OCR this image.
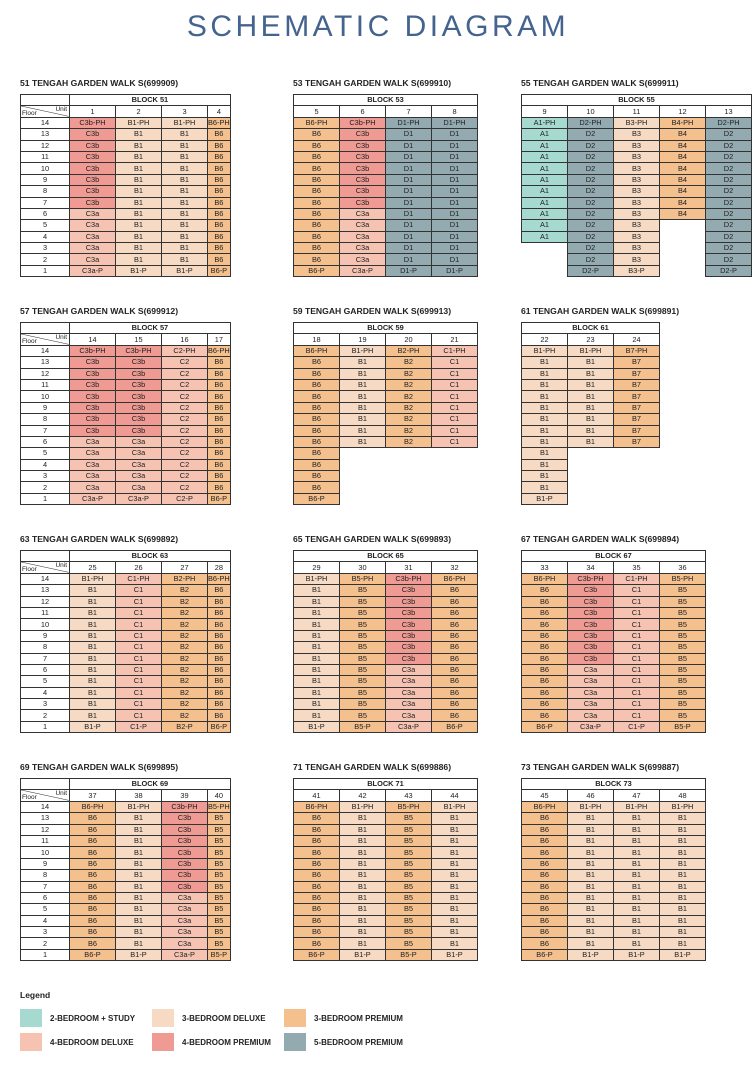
SCHEMATIC DIAGRAM
51 TENGAH GARDEN WALK S(699909)
	BLOCK 51			

Unit
Floor	1	2	3	4
14	C3b-PH	B1-PH	B1-PH	B6-PH
13	C3b	B1	B1	B6
12	C3b	B1	B1	B6
11	C3b	B1	B1	B6
10	C3b	B1	B1	B6
9	C3b	B1	B1	B6
8	C3b	B1	B1	B6
7	C3b	B1	B1	B6
6	C3a	B1	B1	B6
5	C3a	B1	B1	B6
4	C3a	B1	B1	B6
3	C3a	B1	B1	B6
2	C3a	B1	B1	B6
1	C3a-P	B1-P	B1-P	B6-P
53 TENGAH GARDEN WALK S(699910)
BLOCK 53			
5	6	7	8
B6-PH	C3b-PH	D1-PH	D1-PH
B6	C3b	D1	D1
B6	C3b	D1	D1
B6	C3b	D1	D1
B6	C3b	D1	D1
B6	C3b	D1	D1
B6	C3b	D1	D1
B6	C3b	D1	D1
B6	C3a	D1	D1
B6	C3a	D1	D1
B6	C3a	D1	D1
B6	C3a	D1	D1
B6	C3a	D1	D1
B6-P	C3a-P	D1-P	D1-P
55 TENGAH GARDEN WALK S(699911)
BLOCK 55				
9	10	11	12	13
A1-PH	D2-PH	B3-PH	B4-PH	D2-PH
A1	D2	B3	B4	D2
A1	D2	B3	B4	D2
A1	D2	B3	B4	D2
A1	D2	B3	B4	D2
A1	D2	B3	B4	D2
A1	D2	B3	B4	D2
A1	D2	B3	B4	D2
A1	D2	B3	B4	D2
A1	D2	B3		D2
A1	D2	B3		D2
	D2	B3		D2
	D2	B3		D2
	D2-P	B3-P		D2-P
57 TENGAH GARDEN WALK S(699912)
	BLOCK 57			

Unit
Floor	14	15	16	17
14	C3b-PH	C3b-PH	C2-PH	B6-PH
13	C3b	C3b	C2	B6
12	C3b	C3b	C2	B6
11	C3b	C3b	C2	B6
10	C3b	C3b	C2	B6
9	C3b	C3b	C2	B6
8	C3b	C3b	C2	B6
7	C3b	C3b	C2	B6
6	C3a	C3a	C2	B6
5	C3a	C3a	C2	B6
4	C3a	C3a	C2	B6
3	C3a	C3a	C2	B6
2	C3a	C3a	C2	B6
1	C3a-P	C3a-P	C2-P	B6-P
59 TENGAH GARDEN WALK S(699913)
BLOCK 59			
18	19	20	21
B6-PH	B1-PH	B2-PH	C1-PH
B6	B1	B2	C1
B6	B1	B2	C1
B6	B1	B2	C1
B6	B1	B2	C1
B6	B1	B2	C1
B6	B1	B2	C1
B6	B1	B2	C1
B6	B1	B2	C1
B6			
B6			
B6			
B6			
B6-P			
61 TENGAH GARDEN WALK S(699891)
BLOCK 61		
22	23	24
B1-PH	B1-PH	B7-PH
B1	B1	B7
B1	B1	B7
B1	B1	B7
B1	B1	B7
B1	B1	B7
B1	B1	B7
B1	B1	B7
B1	B1	B7
B1		
B1		
B1		
B1		
B1-P		
63 TENGAH GARDEN WALK S(699892)
	BLOCK 63			

Unit
Floor	25	26	27	28
14	B1-PH	C1-PH	B2-PH	B6-PH
13	B1	C1	B2	B6
12	B1	C1	B2	B6
11	B1	C1	B2	B6
10	B1	C1	B2	B6
9	B1	C1	B2	B6
8	B1	C1	B2	B6
7	B1	C1	B2	B6
6	B1	C1	B2	B6
5	B1	C1	B2	B6
4	B1	C1	B2	B6
3	B1	C1	B2	B6
2	B1	C1	B2	B6
1	B1-P	C1-P	B2-P	B6-P
65 TENGAH GARDEN WALK S(699893)
BLOCK 65			
29	30	31	32
B1-PH	B5-PH	C3b-PH	B6-PH
B1	B5	C3b	B6
B1	B5	C3b	B6
B1	B5	C3b	B6
B1	B5	C3b	B6
B1	B5	C3b	B6
B1	B5	C3b	B6
B1	B5	C3b	B6
B1	B5	C3a	B6
B1	B5	C3a	B6
B1	B5	C3a	B6
B1	B5	C3a	B6
B1	B5	C3a	B6
B1-P	B5-P	C3a-P	B6-P
67 TENGAH GARDEN WALK S(699894)
BLOCK 67			
33	34	35	36
B6-PH	C3b-PH	C1-PH	B5-PH
B6	C3b	C1	B5
B6	C3b	C1	B5
B6	C3b	C1	B5
B6	C3b	C1	B5
B6	C3b	C1	B5
B6	C3b	C1	B5
B6	C3b	C1	B5
B6	C3a	C1	B5
B6	C3a	C1	B5
B6	C3a	C1	B5
B6	C3a	C1	B5
B6	C3a	C1	B5
B6-P	C3a-P	C1-P	B5-P
69 TENGAH GARDEN WALK S(699895)
	BLOCK 69			

Unit
Floor	37	38	39	40
14	B6-PH	B1-PH	C3b-PH	B5-PH
13	B6	B1	C3b	B5
12	B6	B1	C3b	B5
11	B6	B1	C3b	B5
10	B6	B1	C3b	B5
9	B6	B1	C3b	B5
8	B6	B1	C3b	B5
7	B6	B1	C3b	B5
6	B6	B1	C3a	B5
5	B6	B1	C3a	B5
4	B6	B1	C3a	B5
3	B6	B1	C3a	B5
2	B6	B1	C3a	B5
1	B6-P	B1-P	C3a-P	B5-P
71 TENGAH GARDEN WALK S(699886)
BLOCK 71			
41	42	43	44
B6-PH	B1-PH	B5-PH	B1-PH
B6	B1	B5	B1
B6	B1	B5	B1
B6	B1	B5	B1
B6	B1	B5	B1
B6	B1	B5	B1
B6	B1	B5	B1
B6	B1	B5	B1
B6	B1	B5	B1
B6	B1	B5	B1
B6	B1	B5	B1
B6	B1	B5	B1
B6	B1	B5	B1
B6-P	B1-P	B5-P	B1-P
73 TENGAH GARDEN WALK S(699887)
BLOCK 73			
45	46	47	48
B6-PH	B1-PH	B1-PH	B1-PH
B6	B1	B1	B1
B6	B1	B1	B1
B6	B1	B1	B1
B6	B1	B1	B1
B6	B1	B1	B1
B6	B1	B1	B1
B6	B1	B1	B1
B6	B1	B1	B1
B6	B1	B1	B1
B6	B1	B1	B1
B6	B1	B1	B1
B6	B1	B1	B1
B6-P	B1-P	B1-P	B1-P
Legend
2-BEDROOM + STUDY	3-BEDROOM DELUXE	3-BEDROOM PREMIUM
4-BEDROOM DELUXE	4-BEDROOM PREMIUM	5-BEDROOM PREMIUM
